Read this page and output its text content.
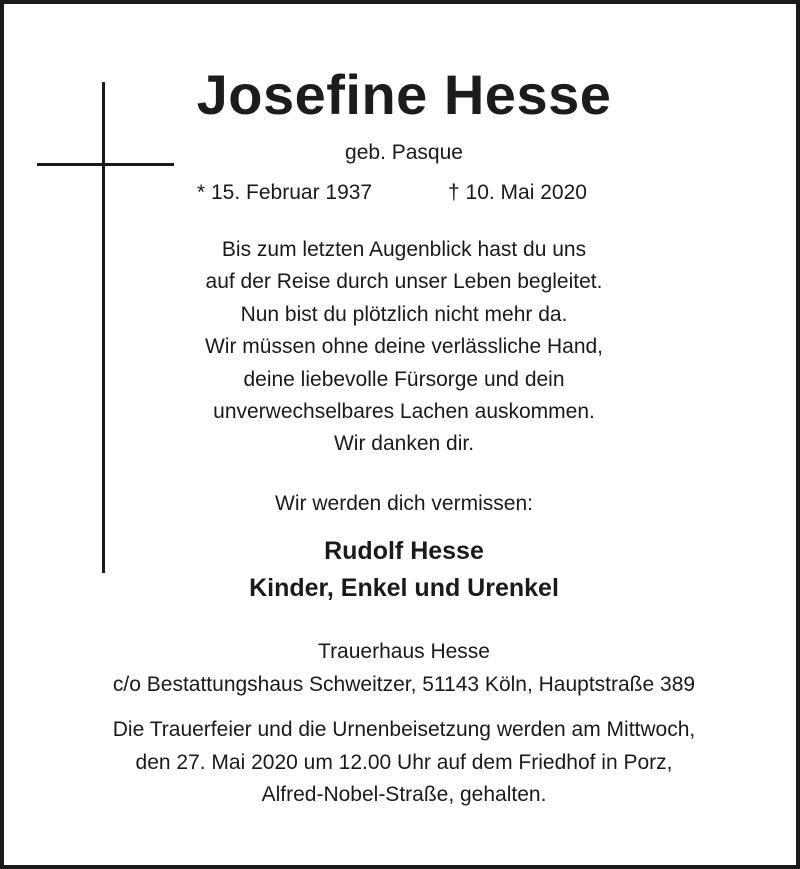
Josefine Hesse
geb. Pasque
* 15. Februar 1937	† 10. Mai 2020
Bis zum letzten Augenblick hast du uns
auf der Reise durch unser Leben begleitet.
Nun bist du plötzlich nicht mehr da.
Wir müssen ohne deine verlässliche Hand,
deine liebevolle Fürsorge und dein
unverwechselbares Lachen auskommen.
Wir danken dir.
Wir werden dich vermissen:
Rudolf Hesse
Kinder, Enkel und Urenkel
Trauerhaus Hesse
c/o Bestattungshaus Schweitzer, 51143 Köln, Hauptstraße 389
Die Trauerfeier und die Urnenbeisetzung werden am Mittwoch,
den 27. Mai 2020 um 12.00 Uhr auf dem Friedhof in Porz,
Alfred-Nobel-Straße, gehalten.
